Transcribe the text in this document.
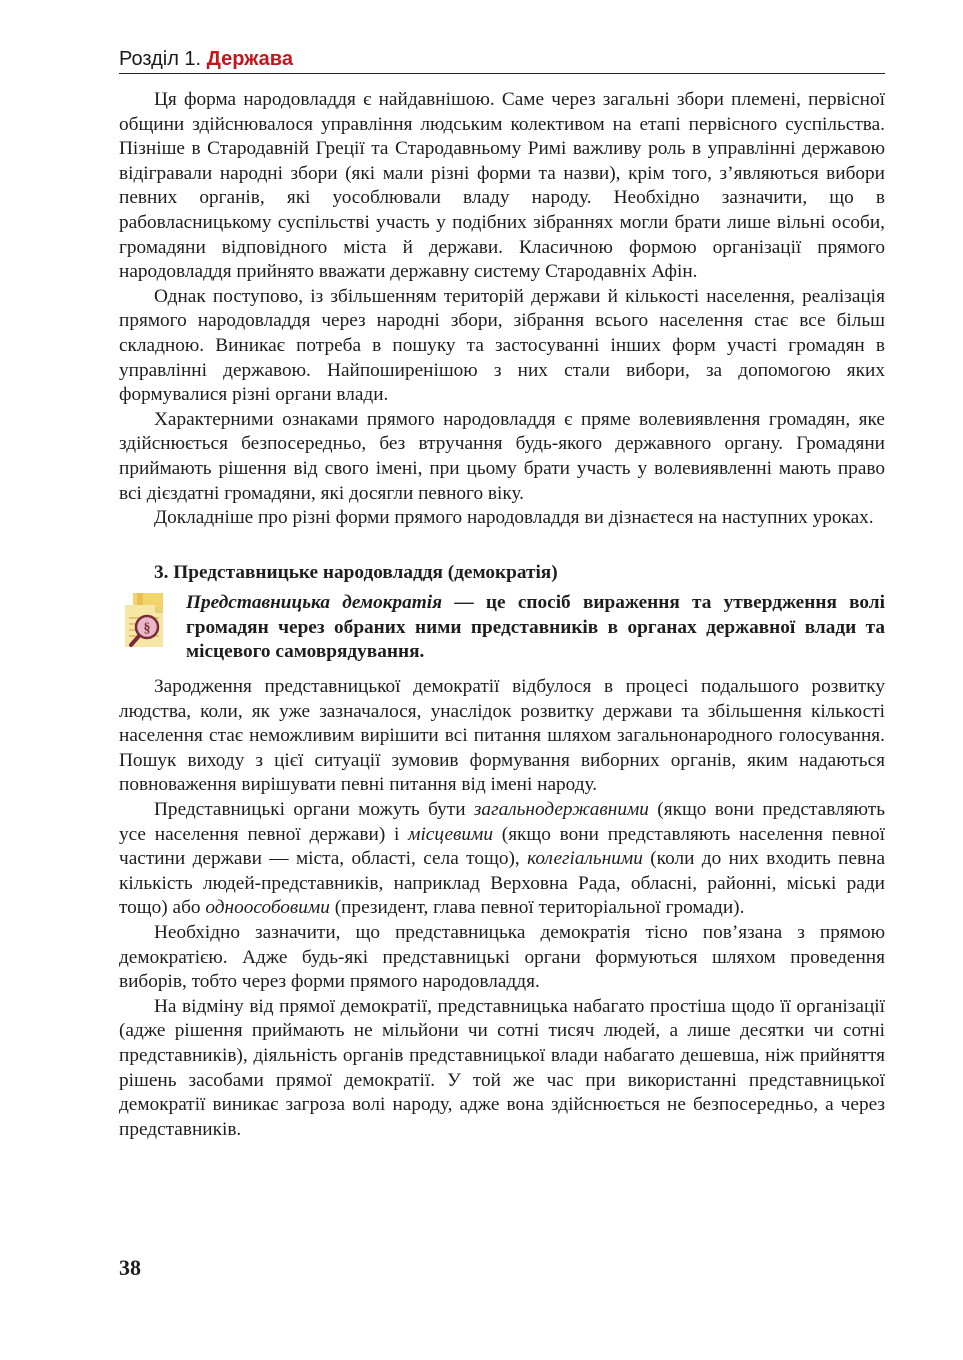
Розділ 1. Держава

Ця форма народовладдя є найдавнішою. Саме через загальні збори племені, первісної общини здійснювалося управління людським колективом на етапі первісного суспільства. Пізніше в Стародавній Греції та Стародавньому Римі важливу роль в управлінні державою відігравали народні збори (які мали різні форми та назви), крім того, з’являються вибори певних органів, які уособлювали владу народу. Необхідно зазначити, що в рабовласницькому суспільстві участь у подібних зібраннях могли брати лише вільні особи, громадяни відповідного міста й держави. Класичною формою організації прямого народовладдя прийнято вважати державну систему Стародавніх Афін.

Однак поступово, із збільшенням територій держави й кількості населення, реалізація прямого народовладдя через народні збори, зібрання всього населення стає все більш складною. Виникає потреба в пошуку та застосуванні інших форм участі громадян в управлінні державою. Найпоширенішою з них стали вибори, за допомогою яких формувалися різні органи влади.

Характерними ознаками прямого народовладдя є пряме волевиявлення громадян, яке здійснюється безпосередньо, без втручання будь-якого державного органу. Громадяни приймають рішення від свого імені, при цьому брати участь у волевиявленні мають право всі дієздатні громадяни, які досягли певного віку.

Докладніше про різні форми прямого народовладдя ви дізнаєтеся на наступних уроках.

3. Представницьке народовладдя (демократія)
§
Представницька демократія — це спосіб вираження та утвердження волі громадян через обраних ними представників в органах державної влади та місцевого самоврядування.

Зародження представницької демократії відбулося в процесі подальшого розвитку людства, коли, як уже зазначалося, унаслідок розвитку держави та збільшення кількості населення стає неможливим вирішити всі питання шляхом загальнонародного голосування. Пошук виходу з цієї ситуації зумовив формування виборних органів, яким надаються повноваження вирішувати певні питання від імені народу.

Представницькі органи можуть бути загальнодержавними (якщо вони представляють усе населення певної держави) і місцевими (якщо вони представляють населення певної частини держави — міста, області, села тощо), колегіальними (коли до них входить певна кількість людей-представників, наприклад Верховна Рада, обласні, районні, міські ради тощо) або одноособовими (президент, глава певної територіальної громади).

Необхідно зазначити, що представницька демократія тісно пов’язана з прямою демократією. Адже будь-які представницькі органи формуються шляхом проведення виборів, тобто через форми прямого народовладдя.

На відміну від прямої демократії, представницька набагато простіша щодо її організації (адже рішення приймають не мільйони чи сотні тисяч людей, а лише десятки чи сотні представників), діяльність органів представницької влади набагато дешевша, ніж прийняття рішень засобами прямої демократії. У той же час при використанні представницької демократії виникає загроза волі народу, адже вона здійснюється не безпосередньо, а через представників.

38
